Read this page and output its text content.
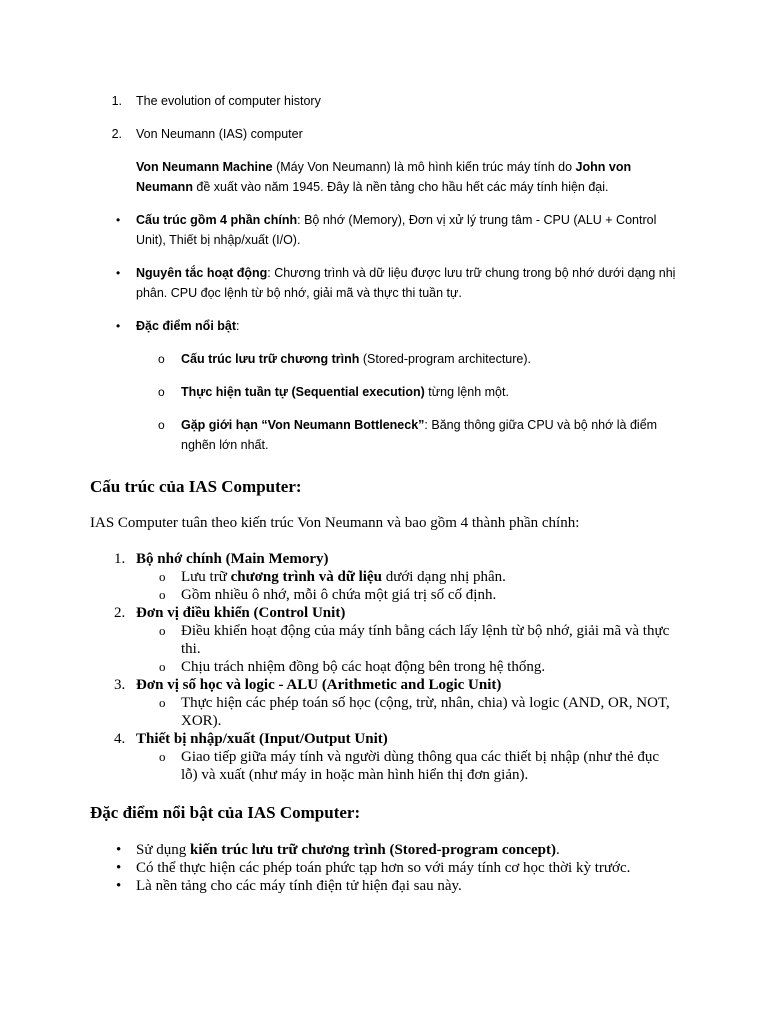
1. The evolution of computer history
2. Von Neumann (IAS) computer
Von Neumann Machine (Máy Von Neumann) là mô hình kiến trúc máy tính do John von Neumann đề xuất vào năm 1945. Đây là nền tảng cho hầu hết các máy tính hiện đại.
• Cấu trúc gồm 4 phần chính: Bộ nhớ (Memory), Đơn vị xử lý trung tâm - CPU (ALU + Control Unit), Thiết bị nhập/xuất (I/O).
• Nguyên tắc hoạt động: Chương trình và dữ liệu được lưu trữ chung trong bộ nhớ dưới dạng nhị phân. CPU đọc lệnh từ bộ nhớ, giải mã và thực thi tuần tự.
• Đặc điểm nổi bật:
o Cấu trúc lưu trữ chương trình (Stored-program architecture).
o Thực hiện tuần tự (Sequential execution) từng lệnh một.
o Gặp giới hạn “Von Neumann Bottleneck”: Băng thông giữa CPU và bộ nhớ là điểm nghẽn lớn nhất.
Cấu trúc của IAS Computer:
IAS Computer tuân theo kiến trúc Von Neumann và bao gồm 4 thành phần chính:
1. Bộ nhớ chính (Main Memory)
o Lưu trữ chương trình và dữ liệu dưới dạng nhị phân.
o Gồm nhiều ô nhớ, mỗi ô chứa một giá trị số cố định.
2. Đơn vị điều khiển (Control Unit)
o Điều khiển hoạt động của máy tính bằng cách lấy lệnh từ bộ nhớ, giải mã và thực
thi.
o Chịu trách nhiệm đồng bộ các hoạt động bên trong hệ thống.
3. Đơn vị số học và logic - ALU (Arithmetic and Logic Unit)
o Thực hiện các phép toán số học (cộng, trừ, nhân, chia) và logic (AND, OR, NOT,
XOR).
4. Thiết bị nhập/xuất (Input/Output Unit)
o Giao tiếp giữa máy tính và người dùng thông qua các thiết bị nhập (như thẻ đục
lỗ) và xuất (như máy in hoặc màn hình hiển thị đơn giản).
Đặc điểm nổi bật của IAS Computer:
• Sử dụng kiến trúc lưu trữ chương trình (Stored-program concept).
• Có thể thực hiện các phép toán phức tạp hơn so với máy tính cơ học thời kỳ trước.
• Là nền tảng cho các máy tính điện tử hiện đại sau này.
